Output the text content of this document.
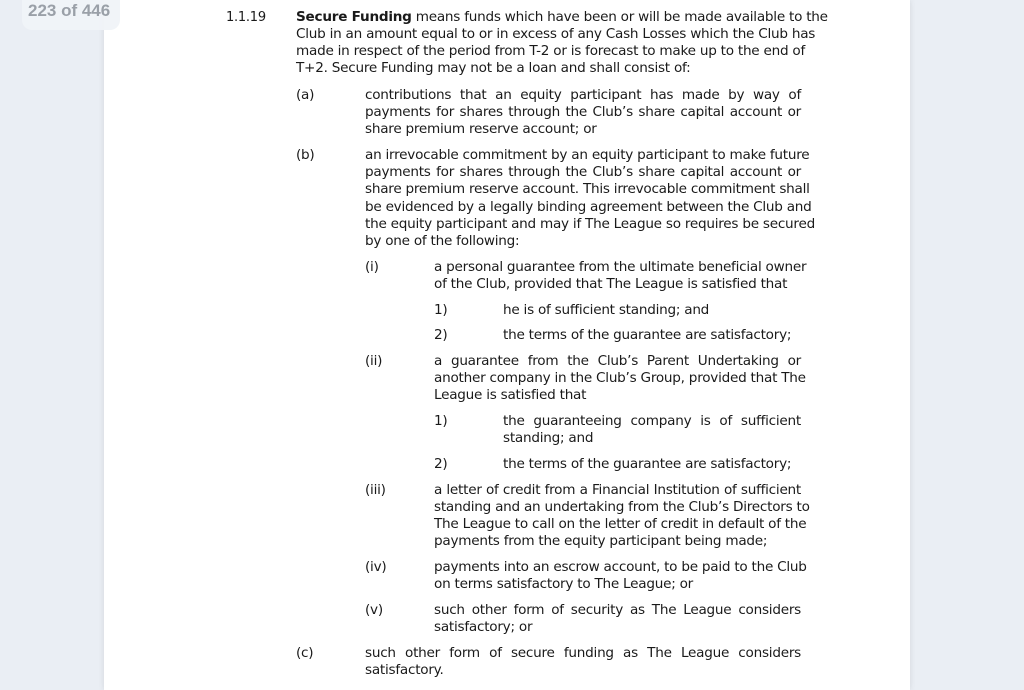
223 of 446	1.1.19 Secure Funding means funds which have been or will be made available to the
Club in an amount equal to or in excess of any Cash Losses which the Club has
made in respect of the period from T-2 or is forecast to make up to the end of
T+2. Secure Funding may not be a loan and shall consist of:
(a)	contributions that an equity participant has made by way of
payments for shares through the Club’s share capital account or
share premium reserve account; or
(b)	an irrevocable commitment by an equity participant to make future
payments for shares through the Club’s share capital account or
share premium reserve account. This irrevocable commitment shall
be evidenced by a legally binding agreement between the Club and
the equity participant and may if The League so requires be secured
by one of the following:
(i)	a personal guarantee from the ultimate beneficial owner
of the Club, provided that The League is satisfied that
1)	he is of sufficient standing; and
2)	the terms of the guarantee are satisfactory;
(ii)	a guarantee from the Club’s Parent Undertaking or
another company in the Club’s Group, provided that The
League is satisfied that
1)	the guaranteeing company is of sufficient
standing; and
2)	the terms of the guarantee are satisfactory;
(iii)	a letter of credit from a Financial Institution of sufficient
standing and an undertaking from the Club’s Directors to
The League to call on the letter of credit in default of the
payments from the equity participant being made;
(iv)	payments into an escrow account, to be paid to the Club
on terms satisfactory to The League; or
(v)	such other form of security as The League considers
satisfactory; or
(c)	such other form of secure funding as The League considers
satisfactory.
